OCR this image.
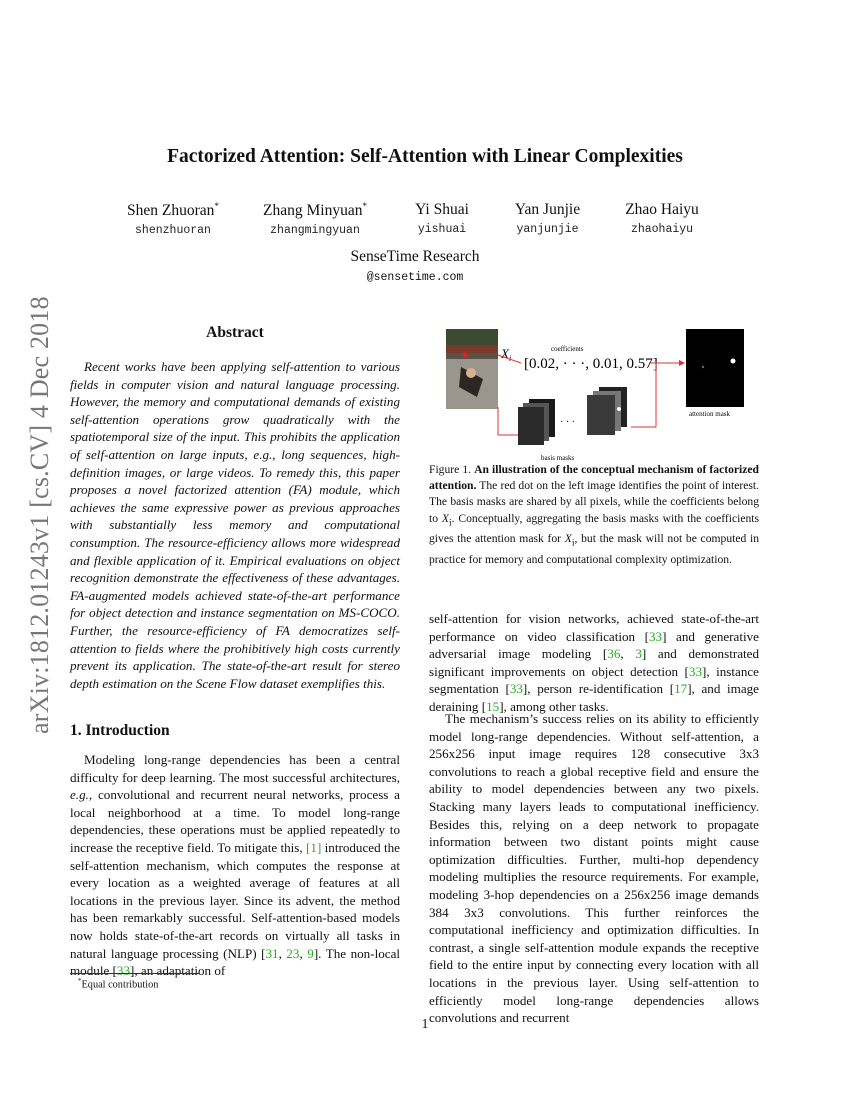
arXiv:1812.01243v1 [cs.CV] 4 Dec 2018
Factorized Attention: Self-Attention with Linear Complexities
Shen Zhuoran*
shenzhuoran
Zhang Minyuan*
zhangmingyuan
Yi Shuai
yishuai
Yan Junjie
yanjunjie
Zhao Haiyu
zhaohaiyu
SenseTime Research
@sensetime.com
Abstract
Recent works have been applying self-attention to various fields in computer vision and natural language processing. However, the memory and computational demands of existing self-attention operations grow quadratically with the spatiotemporal size of the input. This prohibits the application of self-attention on large inputs, e.g., long sequences, high-definition images, or large videos. To remedy this, this paper proposes a novel factorized attention (FA) module, which achieves the same expressive power as previous approaches with substantially less memory and computational consumption. The resource-efficiency allows more widespread and flexible application of it. Empirical evaluations on object recognition demonstrate the effectiveness of these advantages. FA-augmented models achieved state-of-the-art performance for object detection and instance segmentation on MS-COCO. Further, the resource-efficiency of FA democratizes self-attention to fields where the prohibitively high costs currently prevent its application. The state-of-the-art result for stereo depth estimation on the Scene Flow dataset exemplifies this.
1. Introduction
Modeling long-range dependencies has been a central difficulty for deep learning. The most successful architectures, e.g., convolutional and recurrent neural networks, process a local neighborhood at a time. To model long-range dependencies, these operations must be applied repeatedly to increase the receptive field. To mitigate this, [1] introduced the self-attention mechanism, which computes the response at every location as a weighted average of features at all locations in the previous layer. Since its advent, the method has been remarkably successful. Self-attention-based models now holds state-of-the-art records on virtually all tasks in natural language processing (NLP) [31, 23, 9]. The non-local module [33], an adaptation of
*Equal contribution
$X_i$
coefficients
[0.02, · · ·, 0.01, 0.57]
· · ·
basis masks
attention mask
Figure 1. An illustration of the conceptual mechanism of factorized attention. The red dot on the left image identifies the point of interest. The basis masks are shared by all pixels, while the coefficients belong to $X_i$. Conceptually, aggregating the basis masks with the coefficients gives the attention mask for $X_i$, but the mask will not be computed in practice for memory and computational complexity optimization.
self-attention for vision networks, achieved state-of-the-art performance on video classification [33] and generative adversarial image modeling [36, 3] and demonstrated significant improvements on object detection [33], instance segmentation [33], person re-identification [17], and image deraining [15], among other tasks.
The mechanism’s success relies on its ability to efficiently model long-range dependencies. Without self-attention, a 256x256 input image requires 128 consecutive 3x3 convolutions to reach a global receptive field and ensure the ability to model dependencies between any two pixels. Stacking many layers leads to computational inefficiency. Besides this, relying on a deep network to propagate information between two distant points might cause optimization difficulties. Further, multi-hop dependency modeling multiplies the resource requirements. For example, modeling 3-hop dependencies on a 256x256 image demands 384 3x3 convolutions. This further reinforces the computational inefficiency and optimization difficulties. In contrast, a single self-attention module expands the receptive field to the entire input by connecting every location with all locations in the previous layer. Using self-attention to efficiently model long-range dependencies allows convolutions and recurrent
1
